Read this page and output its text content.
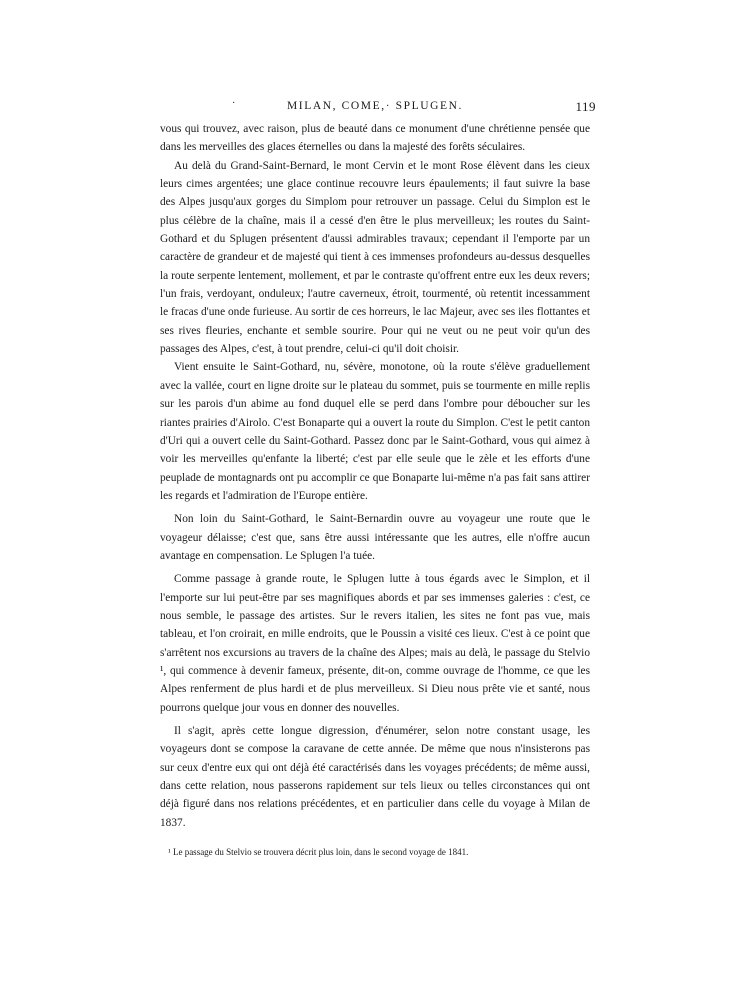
·	MILAN, COME,· SPLUGEN.	119

vous qui trouvez, avec raison, plus de beauté dans ce monument d'une chrétienne pensée que dans les merveilles des glaces éternelles ou dans la majesté des forêts séculaires.

Au delà du Grand-Saint-Bernard, le mont Cervin et le mont Rose élèvent dans les cieux leurs cimes argentées; une glace continue recouvre leurs épaulements; il faut suivre la base des Alpes jusqu'aux gorges du Simplom pour retrouver un passage. Celui du Simplon est le plus célèbre de la chaîne, mais il a cessé d'en être le plus merveilleux; les routes du Saint-Gothard et du Splugen présentent d'aussi admirables travaux; cependant il l'emporte par un caractère de grandeur et de majesté qui tient à ces immenses profondeurs au-dessus desquelles la route serpente lentement, mollement, et par le contraste qu'offrent entre eux les deux revers; l'un frais, verdoyant, onduleux; l'autre caverneux, étroit, tourmenté, où retentit incessamment le fracas d'une onde furieuse. Au sortir de ces horreurs, le lac Majeur, avec ses iles flottantes et ses rives fleuries, enchante et semble sourire. Pour qui ne veut ou ne peut voir qu'un des passages des Alpes, c'est, à tout prendre, celui-ci qu'il doit choisir.

Vient ensuite le Saint-Gothard, nu, sévère, monotone, où la route s'élève graduellement avec la vallée, court en ligne droite sur le plateau du sommet, puis se tourmente en mille replis sur les parois d'un abime au fond duquel elle se perd dans l'ombre pour déboucher sur les riantes prairies d'Airolo. C'est Bonaparte qui a ouvert la route du Simplon. C'est le petit canton d'Uri qui a ouvert celle du Saint-Gothard. Passez donc par le Saint-Gothard, vous qui aimez à voir les merveilles qu'enfante la liberté; c'est par elle seule que le zèle et les efforts d'une peuplade de montagnards ont pu accomplir ce que Bonaparte lui-même n'a pas fait sans attirer les regards et l'admiration de l'Europe entière.

Non loin du Saint-Gothard, le Saint-Bernardin ouvre au voyageur une route que le voyageur délaisse; c'est que, sans être aussi intéressante que les autres, elle n'offre aucun avantage en compensation. Le Splugen l'a tuée.

Comme passage à grande route, le Splugen lutte à tous égards avec le Simplon, et il l'emporte sur lui peut-être par ses magnifiques abords et par ses immenses galeries : c'est, ce nous semble, le passage des artistes. Sur le revers italien, les sites ne font pas vue, mais tableau, et l'on croirait, en mille endroits, que le Poussin a visité ces lieux. C'est à ce point que s'arrêtent nos excursions au travers de la chaîne des Alpes; mais au delà, le passage du Stelvio ¹, qui commence à devenir fameux, présente, dit-on, comme ouvrage de l'homme, ce que les Alpes renferment de plus hardi et de plus merveilleux. Si Dieu nous prête vie et santé, nous pourrons quelque jour vous en donner des nouvelles.

Il s'agit, après cette longue digression, d'énumérer, selon notre constant usage, les voyageurs dont se compose la caravane de cette année. De même que nous n'insisterons pas sur ceux d'entre eux qui ont déjà été caractérisés dans les voyages précédents; de même aussi, dans cette relation, nous passerons rapidement sur tels lieux ou telles circonstances qui ont déjà figuré dans nos relations précédentes, et en particulier dans celle du voyage à Milan de 1837.

¹ Le passage du Stelvio se trouvera décrit plus loin, dans le second voyage de 1841.
